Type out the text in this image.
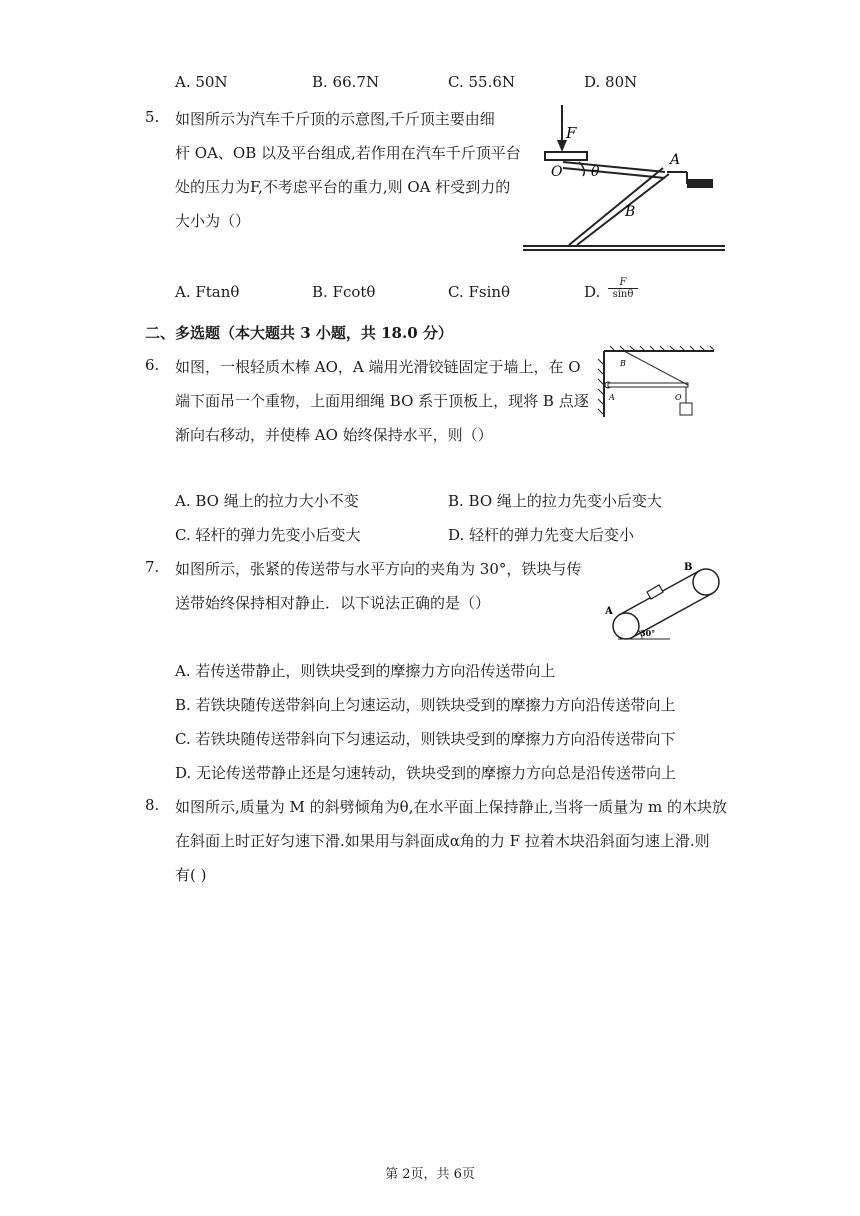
A. 50N	B. 66.7N	C. 55.6N	D. 80N
5. 如图所示为汽车千斤顶的示意图,千斤顶主要由细
杆 OA、OB 以及平台组成,若作用在汽车千斤顶平台
处的压力为F,不考虑平台的重力,则 OA 杆受到力的
大小为（）
F
O θ
A
B
A. Ftanθ	B. Fcotθ	C. Fsinθ	D. $\frac{F}{\sin\theta}$
二、多选题（本大题共 3 小题，共 18.0 分）
6. 如图，一根轻质木棒 AO，A 端用光滑铰链固定于墙上，在 O
端下面吊一个重物，上面用细绳 BO 系于顶板上，现将 B 点逐
渐向右移动，并使棒 AO 始终保持水平，则（）
B
A	O
A. BO 绳上的拉力大小不变	B. BO 绳上的拉力先变小后变大
C. 轻杆的弹力先变小后变大	D. 轻杆的弹力先变大后变小
7. 如图所示，张紧的传送带与水平方向的夹角为 30°，铁块与传
送带始终保持相对静止．以下说法正确的是（）	A
B
30°
A. 若传送带静止，则铁块受到的摩擦力方向沿传送带向上
B. 若铁块随传送带斜向上匀速运动，则铁块受到的摩擦力方向沿传送带向上
C. 若铁块随传送带斜向下匀速运动，则铁块受到的摩擦力方向沿传送带向下
D. 无论传送带静止还是匀速转动，铁块受到的摩擦力方向总是沿传送带向上
8. 如图所示,质量为 M 的斜劈倾角为θ,在水平面上保持静止,当将一质量为 m 的木块放
在斜面上时正好匀速下滑.如果用与斜面成α角的力 F 拉着木块沿斜面匀速上滑.则
有( )
第 2页，共 6页
